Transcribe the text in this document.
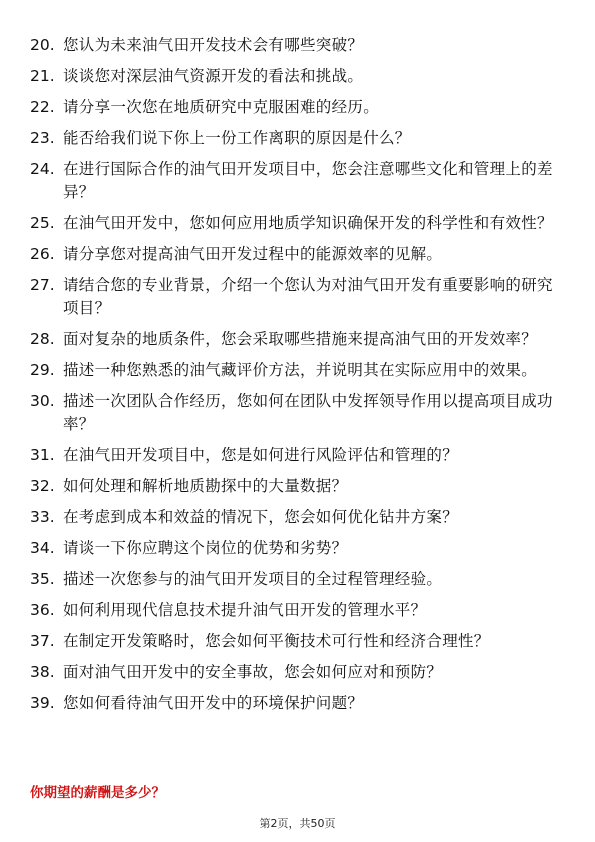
20. 您认为未来油气田开发技术会有哪些突破？
21. 谈谈您对深层油气资源开发的看法和挑战。
22. 请分享一次您在地质研究中克服困难的经历。
23. 能否给我们说下你上一份工作离职的原因是什么？
24. 在进行国际合作的油气田开发项目中，您会注意哪些文化和管理上的差异？
25. 在油气田开发中，您如何应用地质学知识确保开发的科学性和有效性？
26. 请分享您对提高油气田开发过程中的能源效率的见解。
27. 请结合您的专业背景，介绍一个您认为对油气田开发有重要影响的研究项目？
28. 面对复杂的地质条件，您会采取哪些措施来提高油气田的开发效率？
29. 描述一种您熟悉的油气藏评价方法，并说明其在实际应用中的效果。
30. 描述一次团队合作经历，您如何在团队中发挥领导作用以提高项目成功率？
31. 在油气田开发项目中，您是如何进行风险评估和管理的？
32. 如何处理和解析地质勘探中的大量数据？
33. 在考虑到成本和效益的情况下，您会如何优化钻井方案？
34. 请谈一下你应聘这个岗位的优势和劣势？
35. 描述一次您参与的油气田开发项目的全过程管理经验。
36. 如何利用现代信息技术提升油气田开发的管理水平？
37. 在制定开发策略时，您会如何平衡技术可行性和经济合理性？
38. 面对油气田开发中的安全事故，您会如何应对和预防？
39. 您如何看待油气田开发中的环境保护问题？
你期望的薪酬是多少？
第2页，共50页
